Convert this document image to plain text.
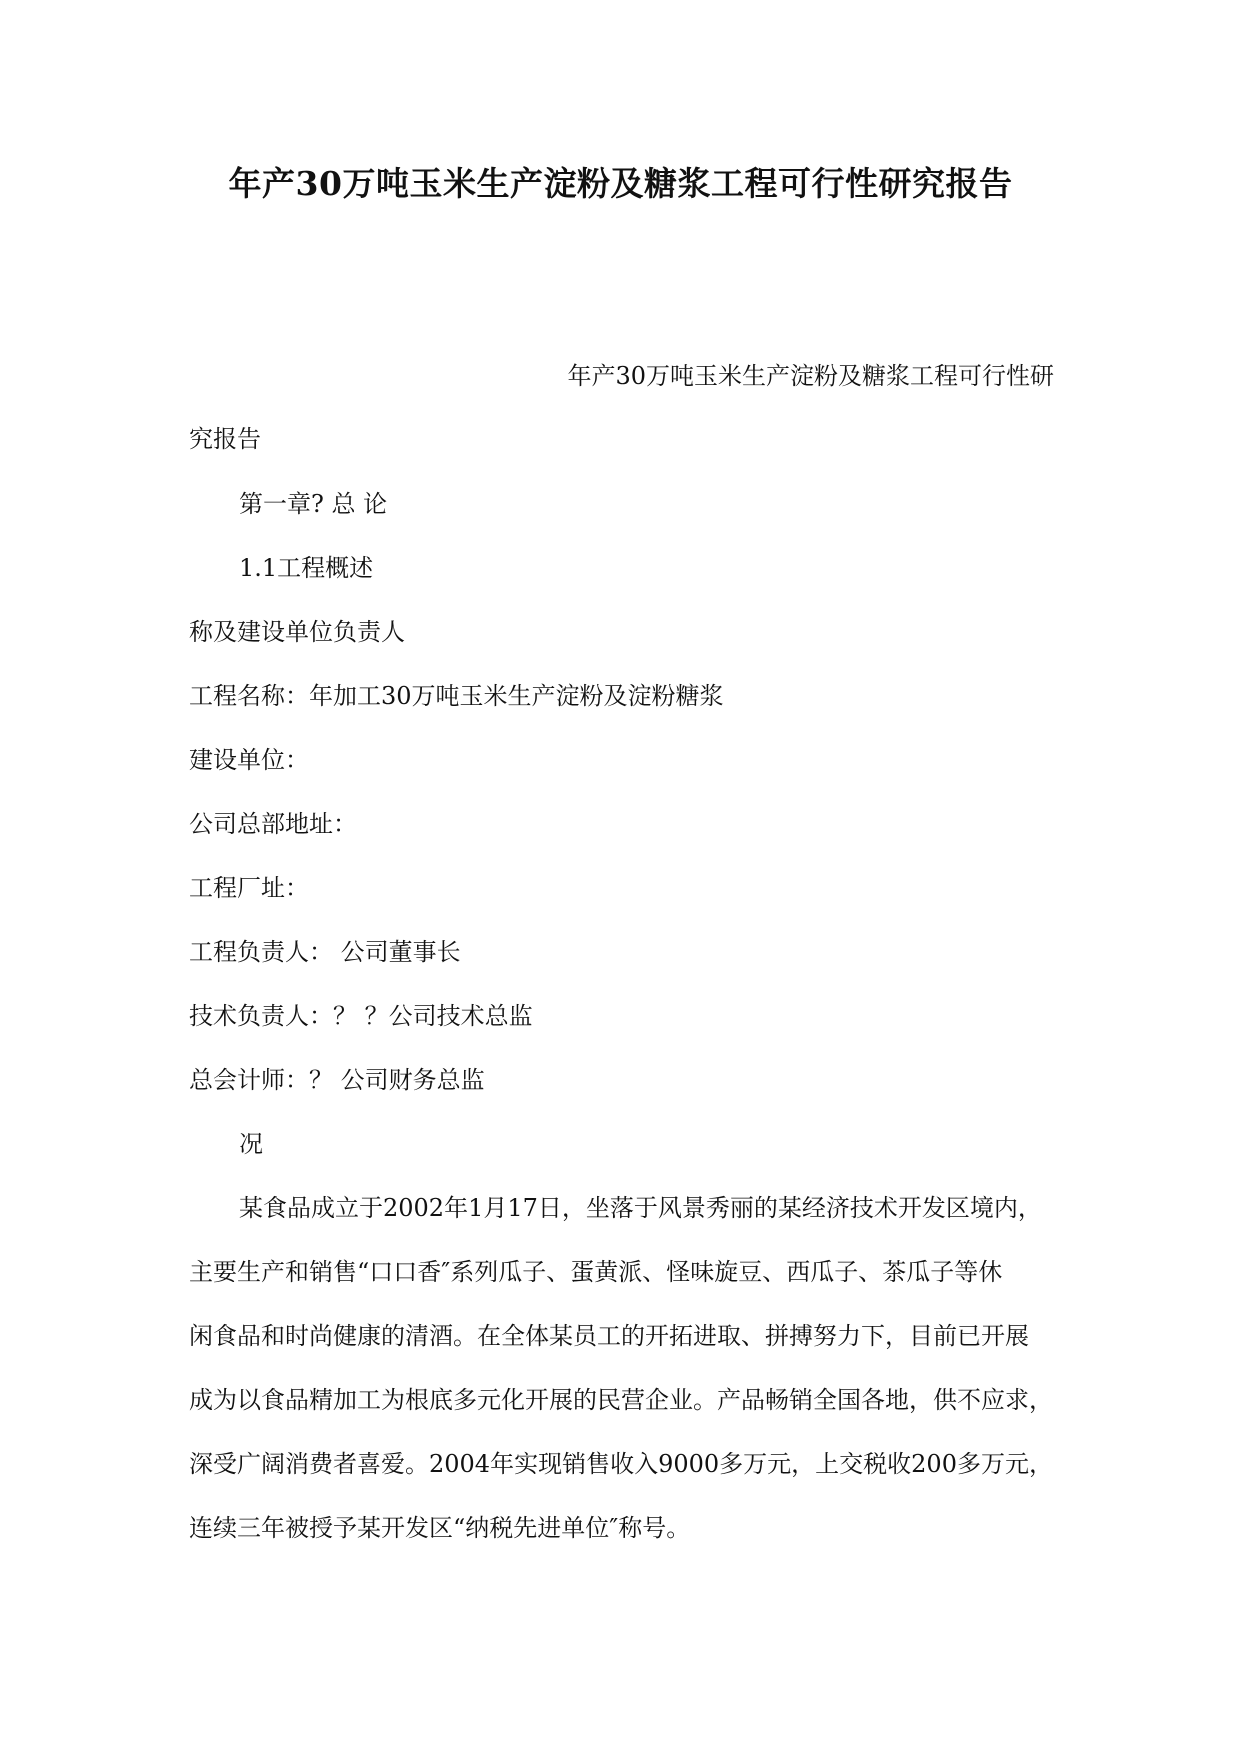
年产30万吨玉米生产淀粉及糖浆工程可行性研究报告
年产30万吨玉米生产淀粉及糖浆工程可行性研
究报告
第一章? 总 论
1.1工程概述
称及建设单位负责人
工程名称：年加工30万吨玉米生产淀粉及淀粉糖浆
建设单位：
公司总部地址：
工程厂址：
工程负责人： 公司董事长
技术负责人：？ ？公司技术总监
总会计师：？ 公司财务总监
况
某食品成立于2002年1月17日，坐落于风景秀丽的某经济技术开发区境内，
主要生产和销售“口口香″系列瓜子、蛋黄派、怪味旋豆、西瓜子、茶瓜子等休
闲食品和时尚健康的清酒。在全体某员工的开拓进取、拼搏努力下，目前已开展
成为以食品精加工为根底多元化开展的民营企业。产品畅销全国各地，供不应求，
深受广阔消费者喜爱。2004年实现销售收入9000多万元，上交税收200多万元，
连续三年被授予某开发区“纳税先进单位″称号。
